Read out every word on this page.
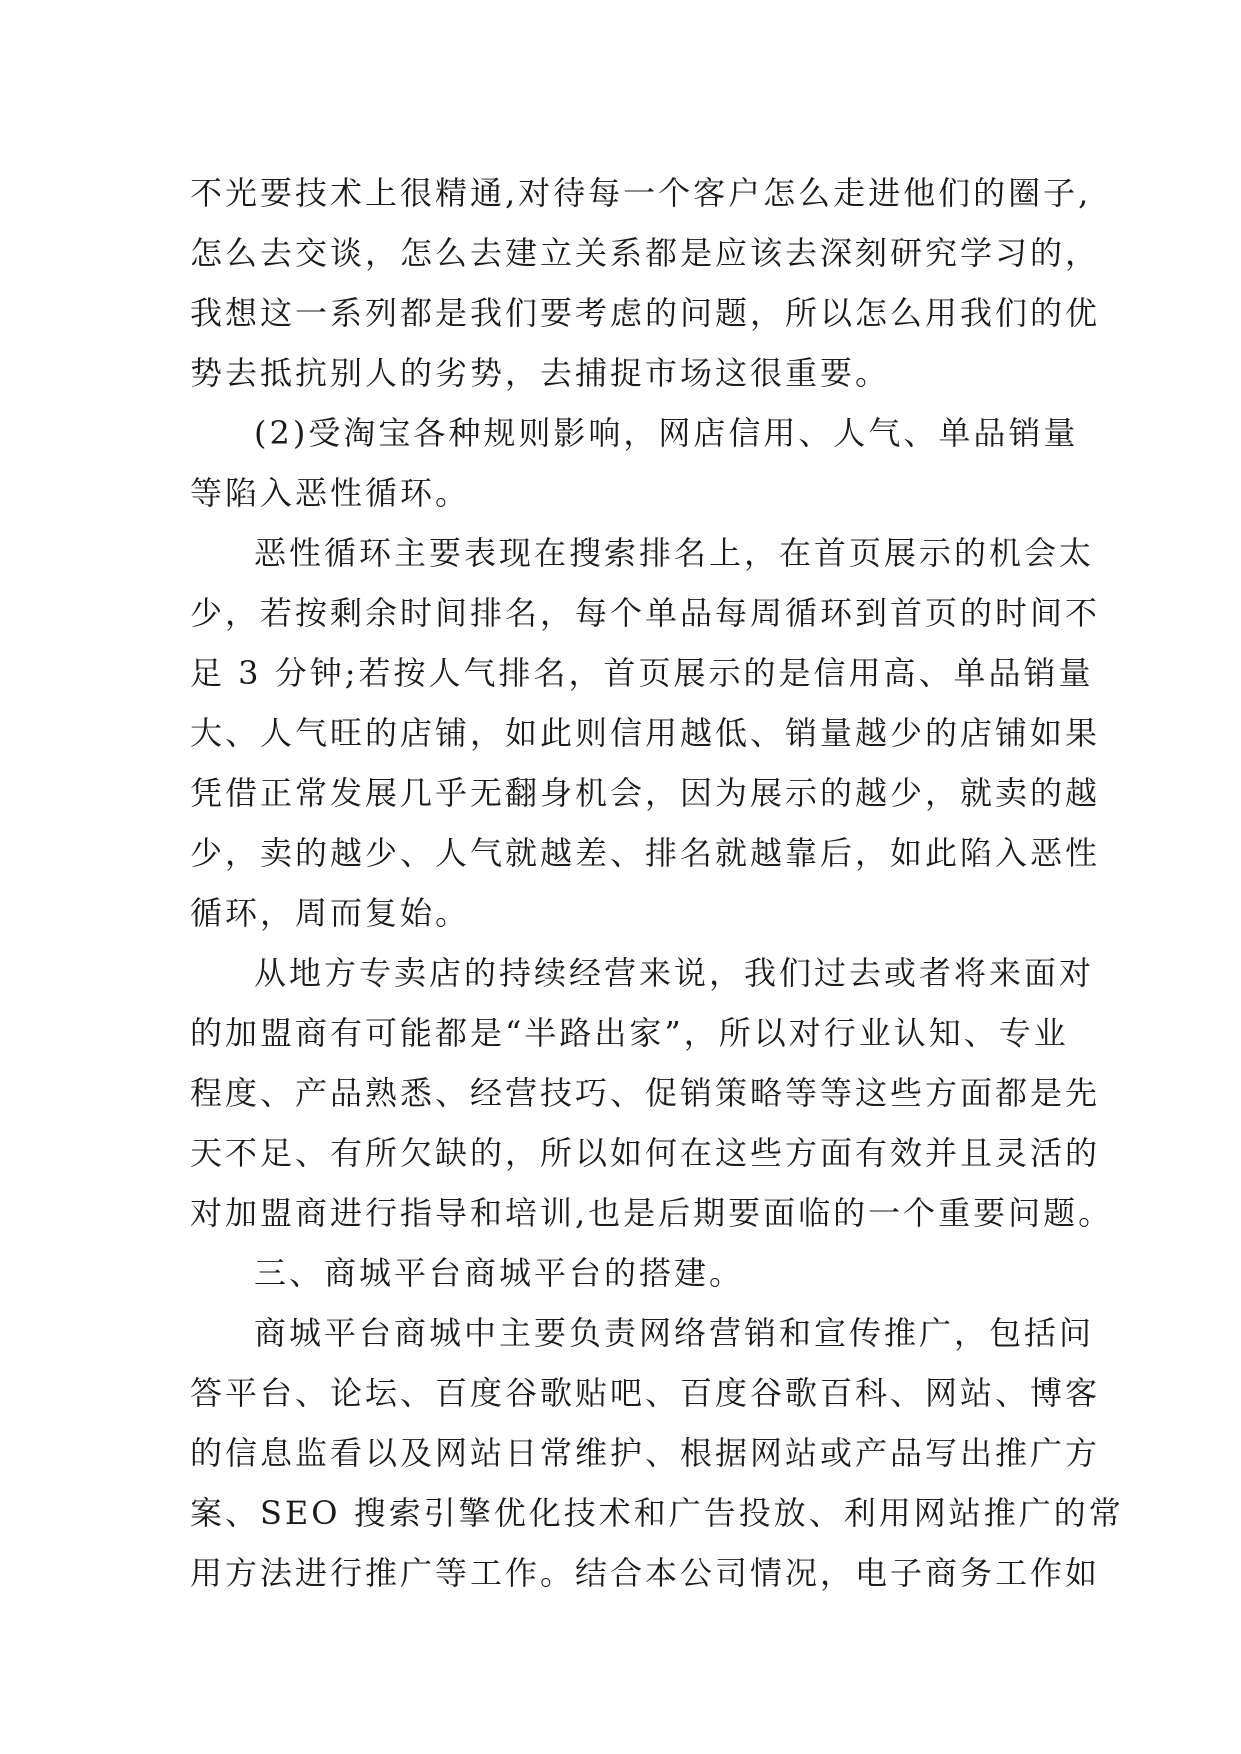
不光要技术上很精通,对待每一个客户怎么走进他们的圈子,
怎么去交谈，怎么去建立关系都是应该去深刻研究学习的，
我想这一系列都是我们要考虑的问题，所以怎么用我们的优
势去抵抗别人的劣势，去捕捉市场这很重要。
(2)受淘宝各种规则影响，网店信用、人气、单品销量
等陷入恶性循环。
恶性循环主要表现在搜索排名上，在首页展示的机会太
少，若按剩余时间排名，每个单品每周循环到首页的时间不
足 3 分钟;若按人气排名，首页展示的是信用高、单品销量
大、人气旺的店铺，如此则信用越低、销量越少的店铺如果
凭借正常发展几乎无翻身机会，因为展示的越少，就卖的越
少，卖的越少、人气就越差、排名就越靠后，如此陷入恶性
循环，周而复始。
从地方专卖店的持续经营来说，我们过去或者将来面对
的加盟商有可能都是“半路出家”，所以对行业认知、专业
程度、产品熟悉、经营技巧、促销策略等等这些方面都是先
天不足、有所欠缺的，所以如何在这些方面有效并且灵活的
对加盟商进行指导和培训,也是后期要面临的一个重要问题。
三、商城平台商城平台的搭建。
商城平台商城中主要负责网络营销和宣传推广，包括问
答平台、论坛、百度谷歌贴吧、百度谷歌百科、网站、博客
的信息监看以及网站日常维护、根据网站或产品写出推广方
案、SEO 搜索引擎优化技术和广告投放、利用网站推广的常
用方法进行推广等工作。结合本公司情况，电子商务工作如
